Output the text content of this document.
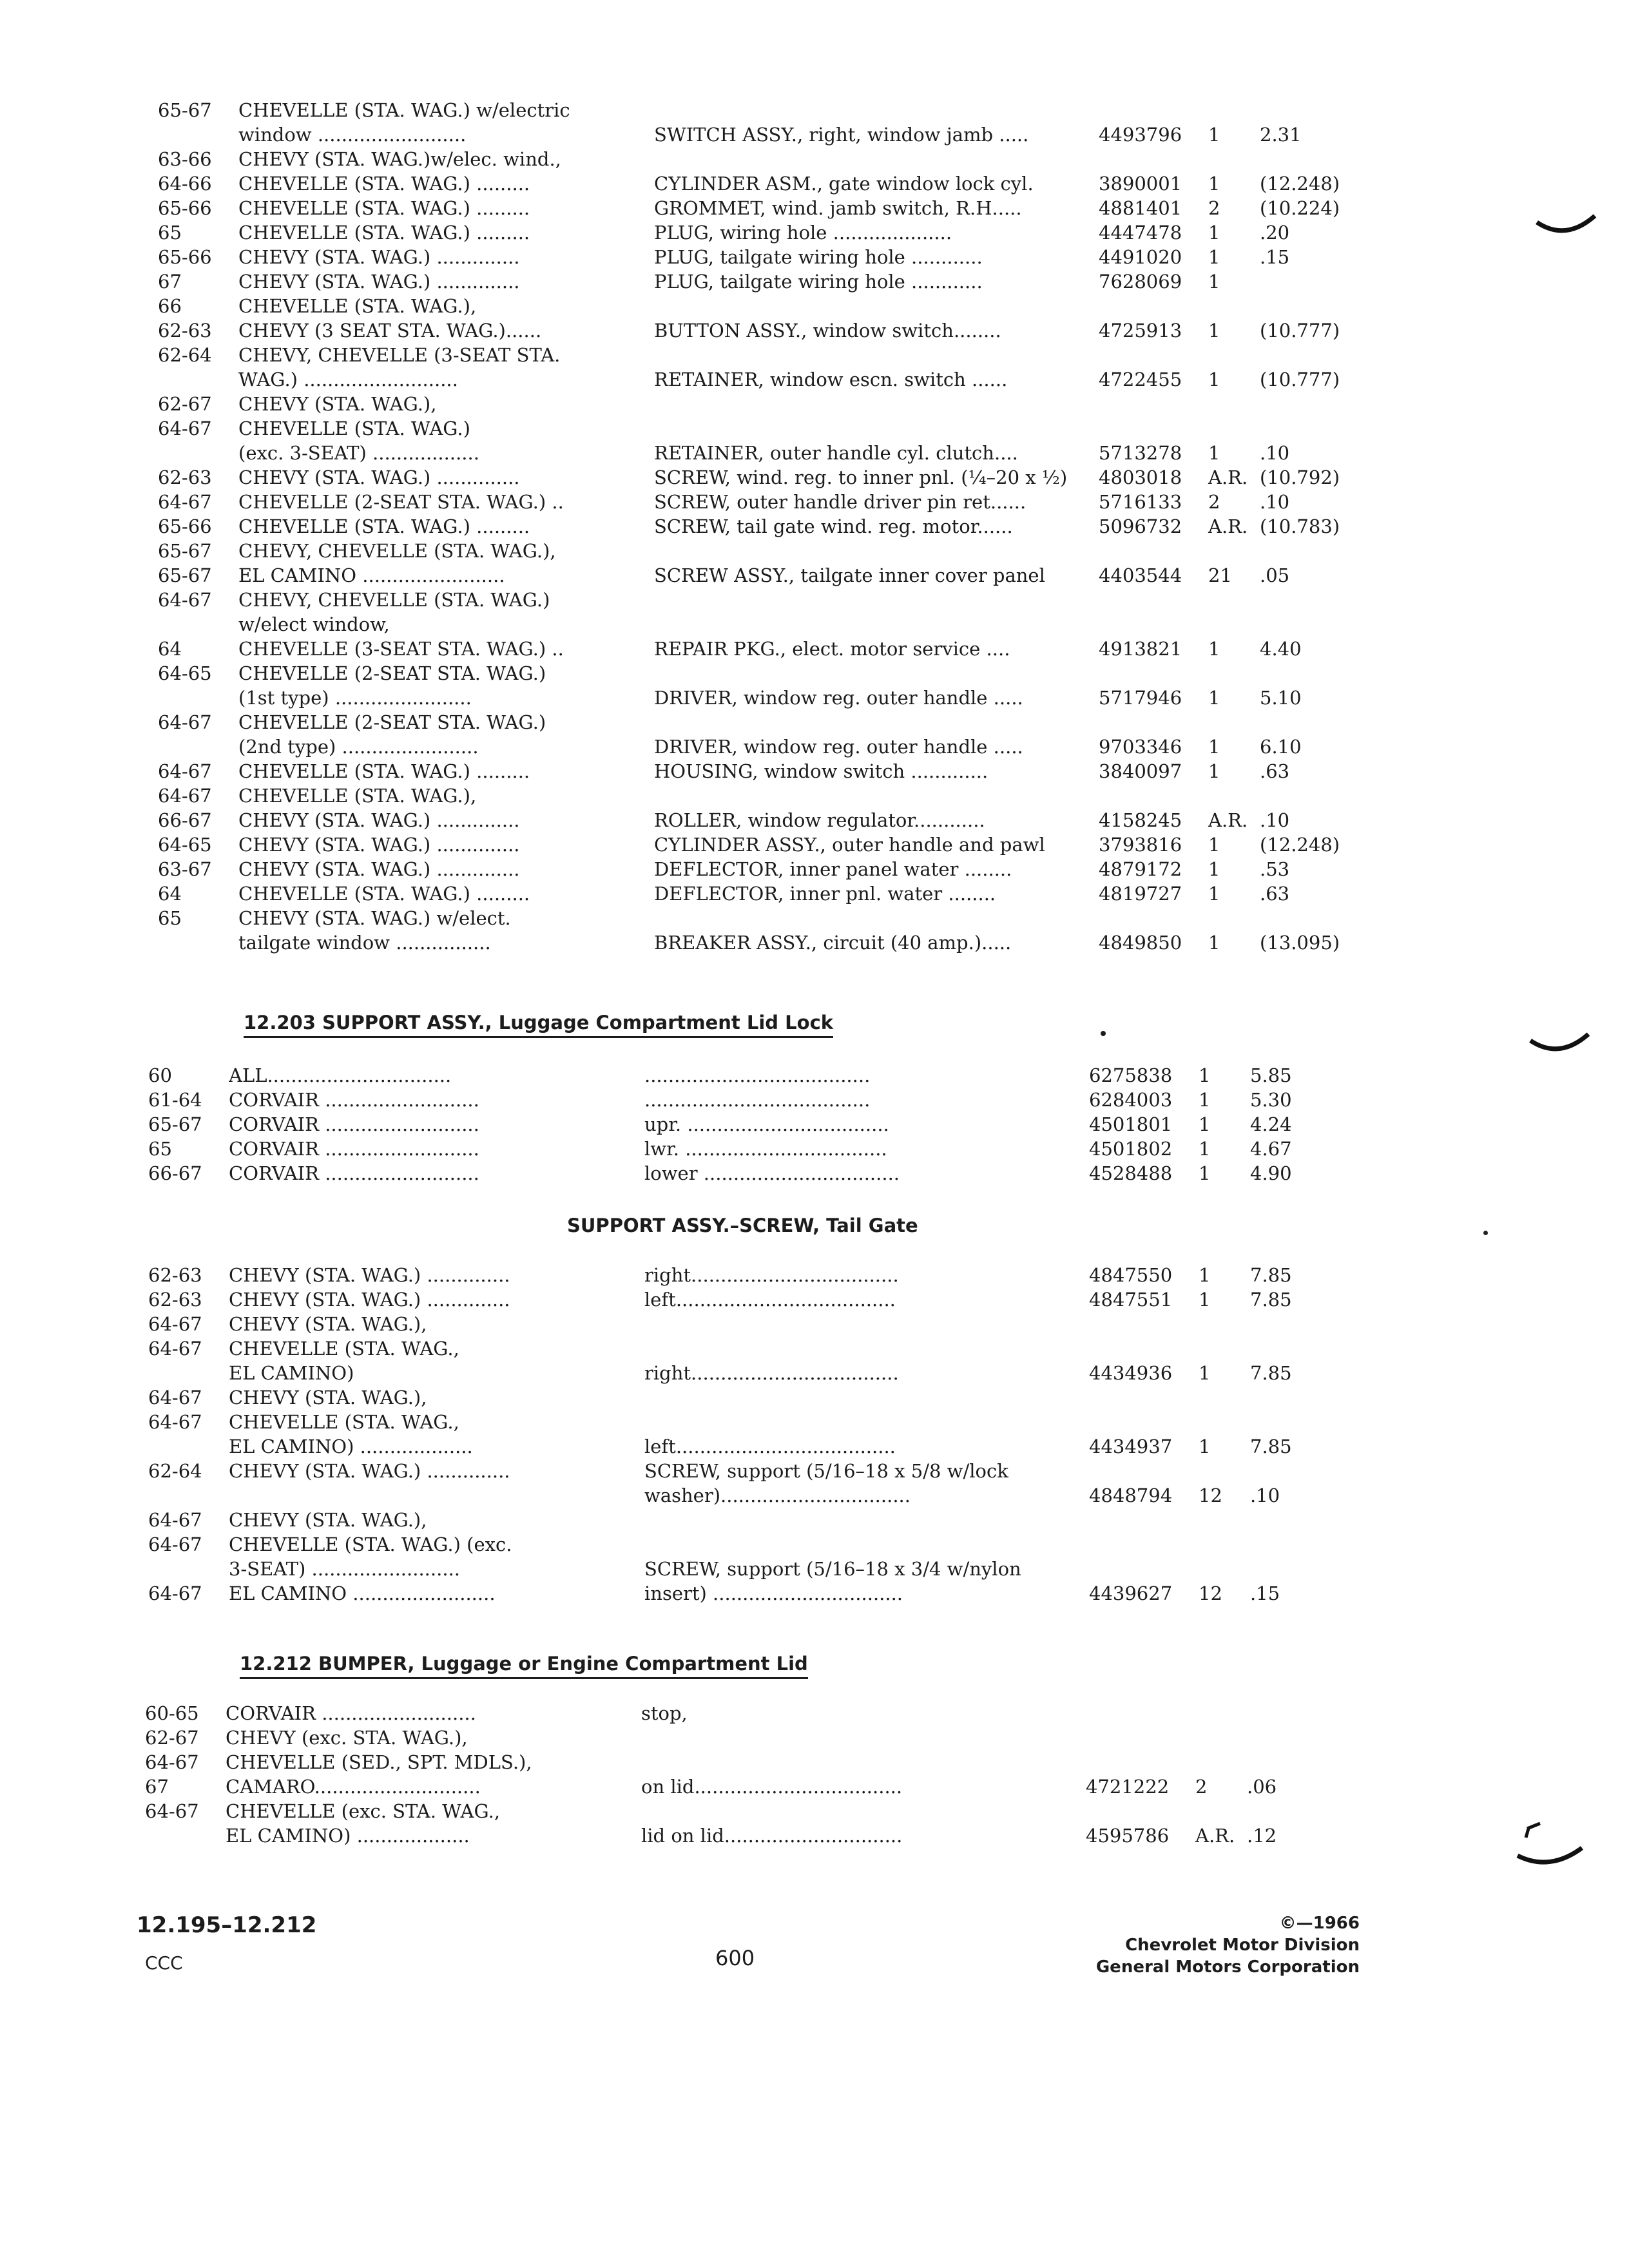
65-67 CHEVELLE (STA. WAG.) w/electric
window .........................	SWITCH ASSY., right, window jamb .....	4493796 1 2.31
63-66 CHEVY (STA. WAG.)w/elec. wind.,
64-66 CHEVELLE (STA. WAG.) .........	CYLINDER ASM., gate window lock cyl.	3890001 1 (12.248)
65-66 CHEVELLE (STA. WAG.) .........	GROMMET, wind. jamb switch, R.H.....	4881401 2 (10.224)
65	CHEVELLE (STA. WAG.) .........	PLUG, wiring hole ....................	4447478 1 .20
65-66 CHEVY (STA. WAG.) ..............	PLUG, tailgate wiring hole ............	4491020 1 .15
67	CHEVY (STA. WAG.) ..............	PLUG, tailgate wiring hole ............	7628069 1
66	CHEVELLE (STA. WAG.),
62-63 CHEVY (3 SEAT STA. WAG.)......	BUTTON ASSY., window switch........	4725913 1 (10.777)
62-64 CHEVY, CHEVELLE (3-SEAT STA.
WAG.) ..........................	RETAINER, window escn. switch ......	4722455 1 (10.777)
62-67 CHEVY (STA. WAG.),
64-67 CHEVELLE (STA. WAG.)
(exc. 3-SEAT) ..................	RETAINER, outer handle cyl. clutch....	5713278 1 .10
62-63 CHEVY (STA. WAG.) ..............	SCREW, wind. reg. to inner pnl. (¼–20 x ½)	4803018 A.R. (10.792)
64-67 CHEVELLE (2-SEAT STA. WAG.) ..	SCREW, outer handle driver pin ret......	5716133 2 .10
65-66 CHEVELLE (STA. WAG.) .........	SCREW, tail gate wind. reg. motor......	5096732 A.R. (10.783)
65-67 CHEVY, CHEVELLE (STA. WAG.),
65-67 EL CAMINO ........................	SCREW ASSY., tailgate inner cover panel	4403544 21 .05
64-67 CHEVY, CHEVELLE (STA. WAG.)
w/elect window,
64	CHEVELLE (3-SEAT STA. WAG.) ..	REPAIR PKG., elect. motor service ....	4913821 1 4.40
64-65 CHEVELLE (2-SEAT STA. WAG.)
(1st type) .......................	DRIVER, window reg. outer handle .....	5717946 1 5.10
64-67 CHEVELLE (2-SEAT STA. WAG.)
(2nd type) .......................	DRIVER, window reg. outer handle .....	9703346 1 6.10
64-67 CHEVELLE (STA. WAG.) .........	HOUSING, window switch .............	3840097 1 .63
64-67 CHEVELLE (STA. WAG.),
66-67 CHEVY (STA. WAG.) ..............	ROLLER, window regulator............	4158245 A.R. .10
64-65 CHEVY (STA. WAG.) ..............	CYLINDER ASSY., outer handle and pawl	3793816 1 (12.248)
63-67 CHEVY (STA. WAG.) ..............	DEFLECTOR, inner panel water ........	4879172 1 .53
64	CHEVELLE (STA. WAG.) .........	DEFLECTOR, inner pnl. water ........	4819727 1 .63
65	CHEVY (STA. WAG.) w/elect.
tailgate window ................	BREAKER ASSY., circuit (40 amp.).....	4849850 1 (13.095)
12.203 SUPPORT ASSY., Luggage Compartment Lid Lock
60	ALL...............................	......................................	6275838 1 5.85
61-64 CORVAIR ..........................	......................................	6284003 1 5.30
65-67 CORVAIR ..........................	upr. ..................................	4501801 1 4.24
65	CORVAIR ..........................	lwr. ..................................	4501802 1 4.67
66-67 CORVAIR ..........................	lower .................................	4528488 1 4.90
SUPPORT ASSY.–SCREW, Tail Gate
62-63 CHEVY (STA. WAG.) ..............	right...................................	4847550 1 7.85
62-63 CHEVY (STA. WAG.) ..............	left.....................................	4847551 1 7.85
64-67 CHEVY (STA. WAG.),
64-67 CHEVELLE (STA. WAG.,
EL CAMINO)	right...................................	4434936 1 7.85
64-67 CHEVY (STA. WAG.),
64-67 CHEVELLE (STA. WAG.,
EL CAMINO) ...................	left.....................................	4434937 1 7.85
62-64 CHEVY (STA. WAG.) ..............	SCREW, support (5/16–18 x 5/8 w/lock
washer)................................	4848794 12 .10
64-67 CHEVY (STA. WAG.),
64-67 CHEVELLE (STA. WAG.) (exc.
3-SEAT) .........................	SCREW, support (5/16–18 x 3/4 w/nylon
64-67 EL CAMINO ........................	insert) ................................	4439627 12 .15
12.212 BUMPER, Luggage or Engine Compartment Lid
60-65 CORVAIR ..........................	stop,
62-67 CHEVY (exc. STA. WAG.),
64-67 CHEVELLE (SED., SPT. MDLS.),
67	CAMARO............................	on lid...................................	4721222 2 .06
64-67 CHEVELLE (exc. STA. WAG.,
EL CAMINO) ...................	lid on lid..............................	4595786 A.R. .12
12.195–12.212
CCC	600
©—1966
Chevrolet Motor Division
General Motors Corporation
